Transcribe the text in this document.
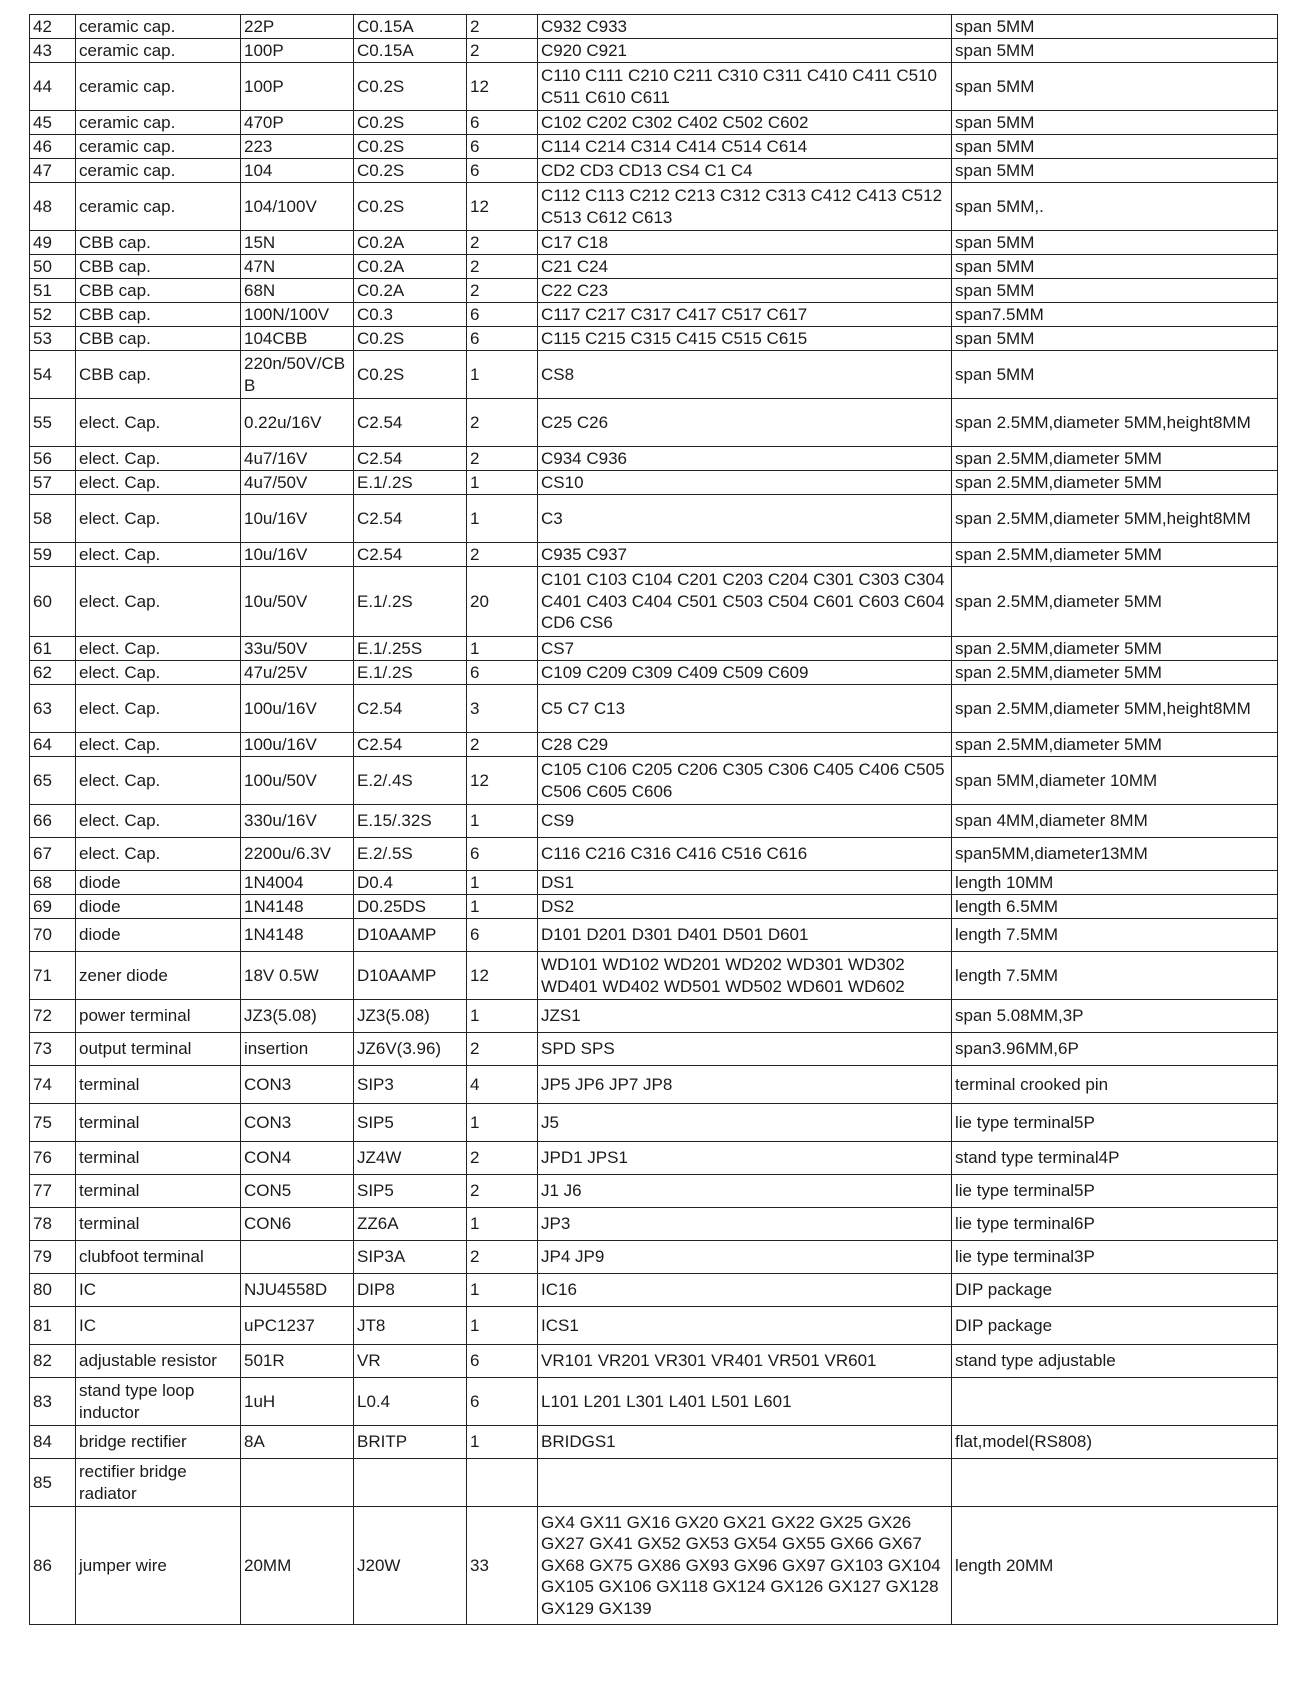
42	ceramic cap.	22P	C0.15A	2	C932 C933	span 5MM
43	ceramic cap.	100P	C0.15A	2	C920 C921	span 5MM
44	ceramic cap.	100P	C0.2S	12	C110 C111 C210 C211 C310 C311 C410 C411 C510 C511 C610 C611	span 5MM
45	ceramic cap.	470P	C0.2S	6	C102 C202 C302 C402 C502 C602	span 5MM
46	ceramic cap.	223	C0.2S	6	C114 C214 C314 C414 C514 C614	span 5MM
47	ceramic cap.	104	C0.2S	6	CD2 CD3 CD13 CS4 C1 C4	span 5MM
48	ceramic cap.	104/100V	C0.2S	12	C112 C113 C212 C213 C312 C313 C412 C413 C512 C513 C612 C613	span 5MM,.
49	CBB cap.	15N	C0.2A	2	C17 C18	span 5MM
50	CBB cap.	47N	C0.2A	2	C21 C24	span 5MM
51	CBB cap.	68N	C0.2A	2	C22 C23	span 5MM
52	CBB cap.	100N/100V	C0.3	6	C117 C217 C317 C417 C517 C617	span7.5MM
53	CBB cap.	104CBB	C0.2S	6	C115 C215 C315 C415 C515 C615	span 5MM
54	CBB cap.	220n/50V/CBB	C0.2S	1	CS8	span 5MM
55	elect. Cap.	0.22u/16V	C2.54	2	C25 C26	span 2.5MM,diameter 5MM,height8MM
56	elect. Cap.	4u7/16V	C2.54	2	C934 C936	span 2.5MM,diameter 5MM
57	elect. Cap.	4u7/50V	E.1/.2S	1	CS10	span 2.5MM,diameter 5MM
58	elect. Cap.	10u/16V	C2.54	1	C3	span 2.5MM,diameter 5MM,height8MM
59	elect. Cap.	10u/16V	C2.54	2	C935 C937	span 2.5MM,diameter 5MM
60	elect. Cap.	10u/50V	E.1/.2S	20	C101 C103 C104 C201 C203 C204 C301 C303 C304 C401 C403 C404 C501 C503 C504 C601 C603 C604 CD6 CS6	span 2.5MM,diameter 5MM
61	elect. Cap.	33u/50V	E.1/.25S	1	CS7	span 2.5MM,diameter 5MM
62	elect. Cap.	47u/25V	E.1/.2S	6	C109 C209 C309 C409 C509 C609	span 2.5MM,diameter 5MM
63	elect. Cap.	100u/16V	C2.54	3	C5 C7 C13	span 2.5MM,diameter 5MM,height8MM
64	elect. Cap.	100u/16V	C2.54	2	C28 C29	span 2.5MM,diameter 5MM
65	elect. Cap.	100u/50V	E.2/.4S	12	C105 C106 C205 C206 C305 C306 C405 C406 C505 C506 C605 C606	span 5MM,diameter 10MM
66	elect. Cap.	330u/16V	E.15/.32S	1	CS9	span 4MM,diameter 8MM
67	elect. Cap.	2200u/6.3V	E.2/.5S	6	C116 C216 C316 C416 C516 C616	span5MM,diameter13MM
68	diode	1N4004	D0.4	1	DS1	length 10MM
69	diode	1N4148	D0.25DS	1	DS2	length 6.5MM
70	diode	1N4148	D10AAMP	6	D101 D201 D301 D401 D501 D601	length 7.5MM
71	zener diode	18V 0.5W	D10AAMP	12	WD101 WD102 WD201 WD202 WD301 WD302 WD401 WD402 WD501 WD502 WD601 WD602	length 7.5MM
72	power terminal	JZ3(5.08)	JZ3(5.08)	1	JZS1	span 5.08MM,3P
73	output terminal	insertion	JZ6V(3.96)	2	SPD SPS	span3.96MM,6P
74	terminal	CON3	SIP3	4	JP5 JP6 JP7 JP8	terminal crooked pin
75	terminal	CON3	SIP5	1	J5	lie type terminal5P
76	terminal	CON4	JZ4W	2	JPD1 JPS1	stand type terminal4P
77	terminal	CON5	SIP5	2	J1 J6	lie type terminal5P
78	terminal	CON6	ZZ6A	1	JP3	lie type terminal6P
79	clubfoot terminal		SIP3A	2	JP4 JP9	lie type terminal3P
80	IC	NJU4558D	DIP8	1	IC16	DIP package
81	IC	uPC1237	JT8	1	ICS1	DIP package
82	adjustable resistor	501R	VR	6	VR101 VR201 VR301 VR401 VR501 VR601	stand type adjustable
83	stand type loop inductor	1uH	L0.4	6	L101 L201 L301 L401 L501 L601	
84	bridge rectifier	8A	BRITP	1	BRIDGS1	flat,model(RS808)
85	rectifier bridge radiator					
86	jumper wire	20MM	J20W	33	GX4 GX11 GX16 GX20 GX21 GX22 GX25 GX26 GX27 GX41 GX52 GX53 GX54 GX55 GX66 GX67 GX68 GX75 GX86 GX93 GX96 GX97 GX103 GX104 GX105 GX106 GX118 GX124 GX126 GX127 GX128 GX129 GX139	length 20MM
